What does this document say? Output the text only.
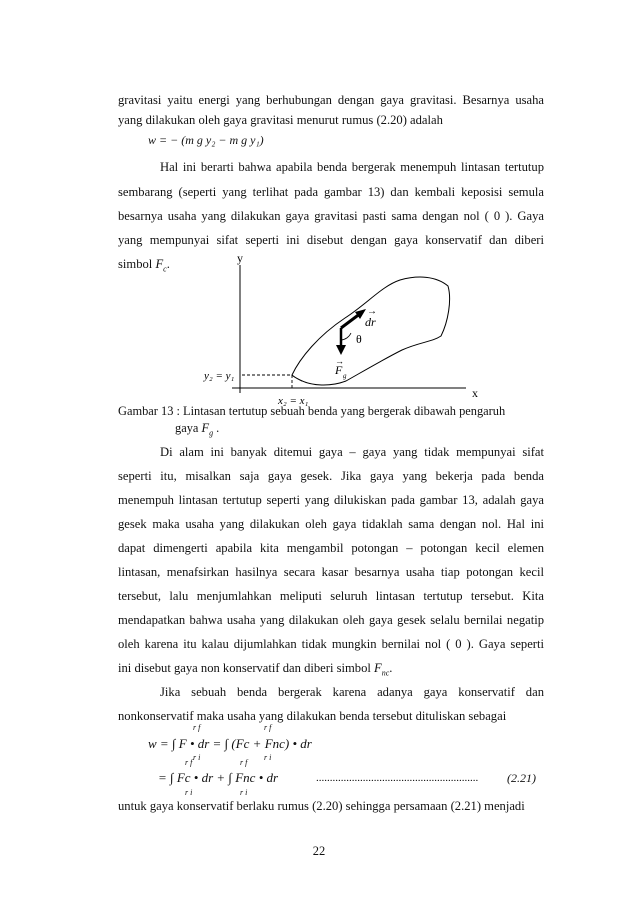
gravitasi yaitu energi yang berhubungan dengan gaya gravitasi. Besarnya usaha
yang dilakukan oleh gaya gravitasi menurut rumus (2.20) adalah
w = − (m g y₂ − m g y₁)
Hal ini berarti bahwa apabila benda bergerak menempuh lintasan tertutup
sembarang (seperti yang terlihat pada gambar 13) dan kembali keposisi semula
besarnya usaha yang dilakukan gaya gravitasi pasti sama dengan nol ( 0 ). Gaya
yang mempunyai sifat seperti ini disebut dengan gaya konservatif dan diberi
simbol $F_c$.	y
x
dr
→
θ
F
→
g
y₂ = y₁
x₂ = x₁
Gambar 13 : Lintasan tertutup sebuah benda yang bergerak dibawah pengaruh
gaya $F_g$ .
Di alam ini banyak ditemui gaya – gaya yang tidak mempunyai sifat
seperti itu, misalkan saja gaya gesek. Jika gaya yang bekerja pada benda
menempuh lintasan tertutup seperti yang dilukiskan pada gambar 13, adalah gaya
gesek maka usaha yang dilakukan oleh gaya tidaklah sama dengan nol. Hal ini
dapat dimengerti apabila kita mengambil potongan – potongan kecil elemen
lintasan, menafsirkan hasilnya secara kasar besarnya usaha tiap potongan kecil
tersebut, lalu menjumlahkan meliputi seluruh lintasan tertutup tersebut. Kita
mendapatkan bahwa usaha yang dilakukan oleh gaya gesek selalu bernilai negatip
oleh karena itu kalau dijumlahkan tidak mungkin bernilai nol ( 0 ). Gaya seperti
ini disebut gaya non konservatif dan diberi simbol $F_{nc}$.
Jika sebuah benda bergerak karena adanya gaya konservatif dan
nonkonservatif maka usaha yang dilakukan benda tersebut dituliskan sebagai
r f	r f
w = ∫ F • dr = ∫ (Fc + Fnc) • dr
r i	r i
r f	r f
= ∫ Fc • dr + ∫ Fnc • dr
r i	r i
........................................................... (2.21)
untuk gaya konservatif berlaku rumus (2.20) sehingga persamaan (2.21) menjadi
22
